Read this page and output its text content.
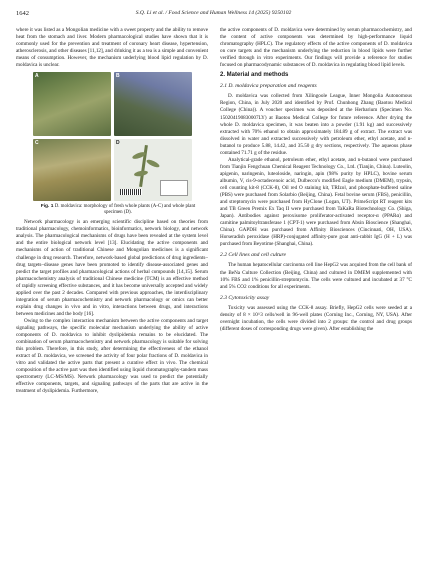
1642	S.Q. Li et al. / Food Science and Human Wellness 14 (2025) 9250102

where it was listed as a Mongolian medicine with a sweet property and the ability to remove heat from the stomach and liver. Modern pharmacological studies have shown that it is commonly used for the prevention and treatment of coronary heart disease, hypertension, atherosclerosis, and other diseases [11,12], and drinking it as a tea is a simple and convenient means of consumption. However, the mechanism underlying blood lipid regulation by D. moldavica is unclear.

A	B
C	D
Fig. 1 D. moldavica: morphology of fresh whole plants (A-C) and whole plant specimen (D).

Network pharmacology is an emerging scientific discipline based on theories from traditional pharmacology, chemoinformatics, bioinformatics, network biology, and network analysis. The pharmacological mechanisms of drugs have been revealed at the system level and the entire biological network level [13]. Elucidating the active components and mechanisms of action of traditional Chinese and Mongolian medicines is a significant challenge in drug research. Therefore, network-based global predictions of drug ingredients–drug targets–disease genes have been promoted to identify disease-associated genes and predict the target profiles and pharmacological actions of herbal compounds [14,15]. Serum pharmacochemistry analysis of traditional Chinese medicine (TCM) is an effective method of rapidly screening effective substances, and it has become universally accepted and widely applied over the past 2 decades. Compared with previous approaches, the interdisciplinary integration of serum pharmacochemistry and network pharmacology or omics can better explain drug changes in vivo and in vitro, interactions between drugs, and interactions between medicines and the body [16].

Owing to the complex interaction mechanism between the active components and target signaling pathways, the specific molecular mechanism underlying the ability of active components of D. moldavica to inhibit dyslipidemia remains to be elucidated. The combination of serum pharmacochemistry and network pharmacology is suitable for solving this problem. Therefore, in this study, after determining the effectiveness of the ethanol extract of D. moldavica, we screened the activity of four polar fractions of D. moldavica in vitro and validated the active parts that present a curative effect in vivo. The chemical composition of the active part was then identified using liquid chromatography-tandem mass spectrometry (LC-MS/MS). Network pharmacology was used to predict the potentially effective components, targets, and signaling pathways of the parts that are active in the treatment of dyslipidemia. Furthermore,

the active components of D. moldavica were determined by serum pharmacochemistry, and the content of active components was determined by high-performance liquid chromatography (HPLC). The regulatory effects of the active components of D. moldavica on core targets and the mechanism underlying the reduction in blood lipids were further verified through in vitro experiments. Our findings will provide a reference for studies focused on pharmacodynamic substances of D. moldavica in regulating blood lipid levels.

2. Material and methods
2.1 D. moldavica preparation and reagents

D. moldavica was collected from Xilingoole League, Inner Mongolia Autonomous Region, China, in July 2020 and identified by Prof. Chunhong Zhang (Baotou Medical College (China)). A voucher specimen was deposited at the Herbarium (Specimen No. 150204190830007LY) at Baotou Medical College for future reference. After drying the whole D. moldavica specimen, it was beaten into a powder (1.91 kg) and successively extracted with 70% ethanol to obtain approximately 184.89 g of extract. The extract was dissolved in water and extracted successively with petroleum ether, ethyl acetate, and n-butanol to produce 5.88, 14.42, and 35.50 g dry sections, respectively. The aqueous phase contained 71.71 g of the residue.

Analytical-grade ethanol, petroleum ether, ethyl acetate, and n-butanol were purchased from Tianjin Fengchuan Chemical Reagent Technology Co., Ltd. (Tianjin, China). Luteolin, apigenin, naringenin, luteoloside, naringin, apin (98% purity by HPLC), bovine serum albumin, V, cis-9-octadecenoic acid, Dulbecco's modified Eagle medium (DMEM), trypsin, cell counting kit-8 (CCK-8), Oil red O staining kit, TRIzol, and phosphate-buffered saline (PBS) were purchased from Solarbio (Beijing, China). Fetal bovine serum (FBS), penicillin, and streptomycin were purchased from HyClone (Logan, UT). PrimeScript RT reagent kits and TB Green Premix Ex Taq II were purchased from TaKaRa Biotechnology Co. (Shiga, Japan). Antibodies against peroxisome proliferator-activated receptor-α (PPARα) and carnitine palmitoyltransferase 1 (CPT-1) were purchased from Absin Bioscience (Shanghai, China). GAPDH was purchased from Affinity Biosciences (Cincinnati, OH, USA). Horseradish peroxidase (HRP)-conjugated affinity-pure goat anti-rabbit IgG (H + L) was purchased from Beyotime (Shanghai, China).

2.2 Cell lines and cell culture

The human hepatocellular carcinoma cell line HepG2 was acquired from the cell bank of the BeNa Culture Collection (Beijing, China) and cultured in DMEM supplemented with 10% FBS and 1% penicillin-streptomycin. The cells were cultured and incubated at 37 °C and 5% CO2 conditions for all experiments.

2.3 Cytotoxicity assay

Toxicity was assessed using the CCK-8 assay. Briefly, HepG2 cells were seeded at a density of 8 × 10^3 cells/well in 96-well plates (Corning Inc., Corning, NY, USA). After overnight incubation, the cells were divided into 2 groups: the control and drug groups (different doses of corresponding drugs were given). After establishing the
